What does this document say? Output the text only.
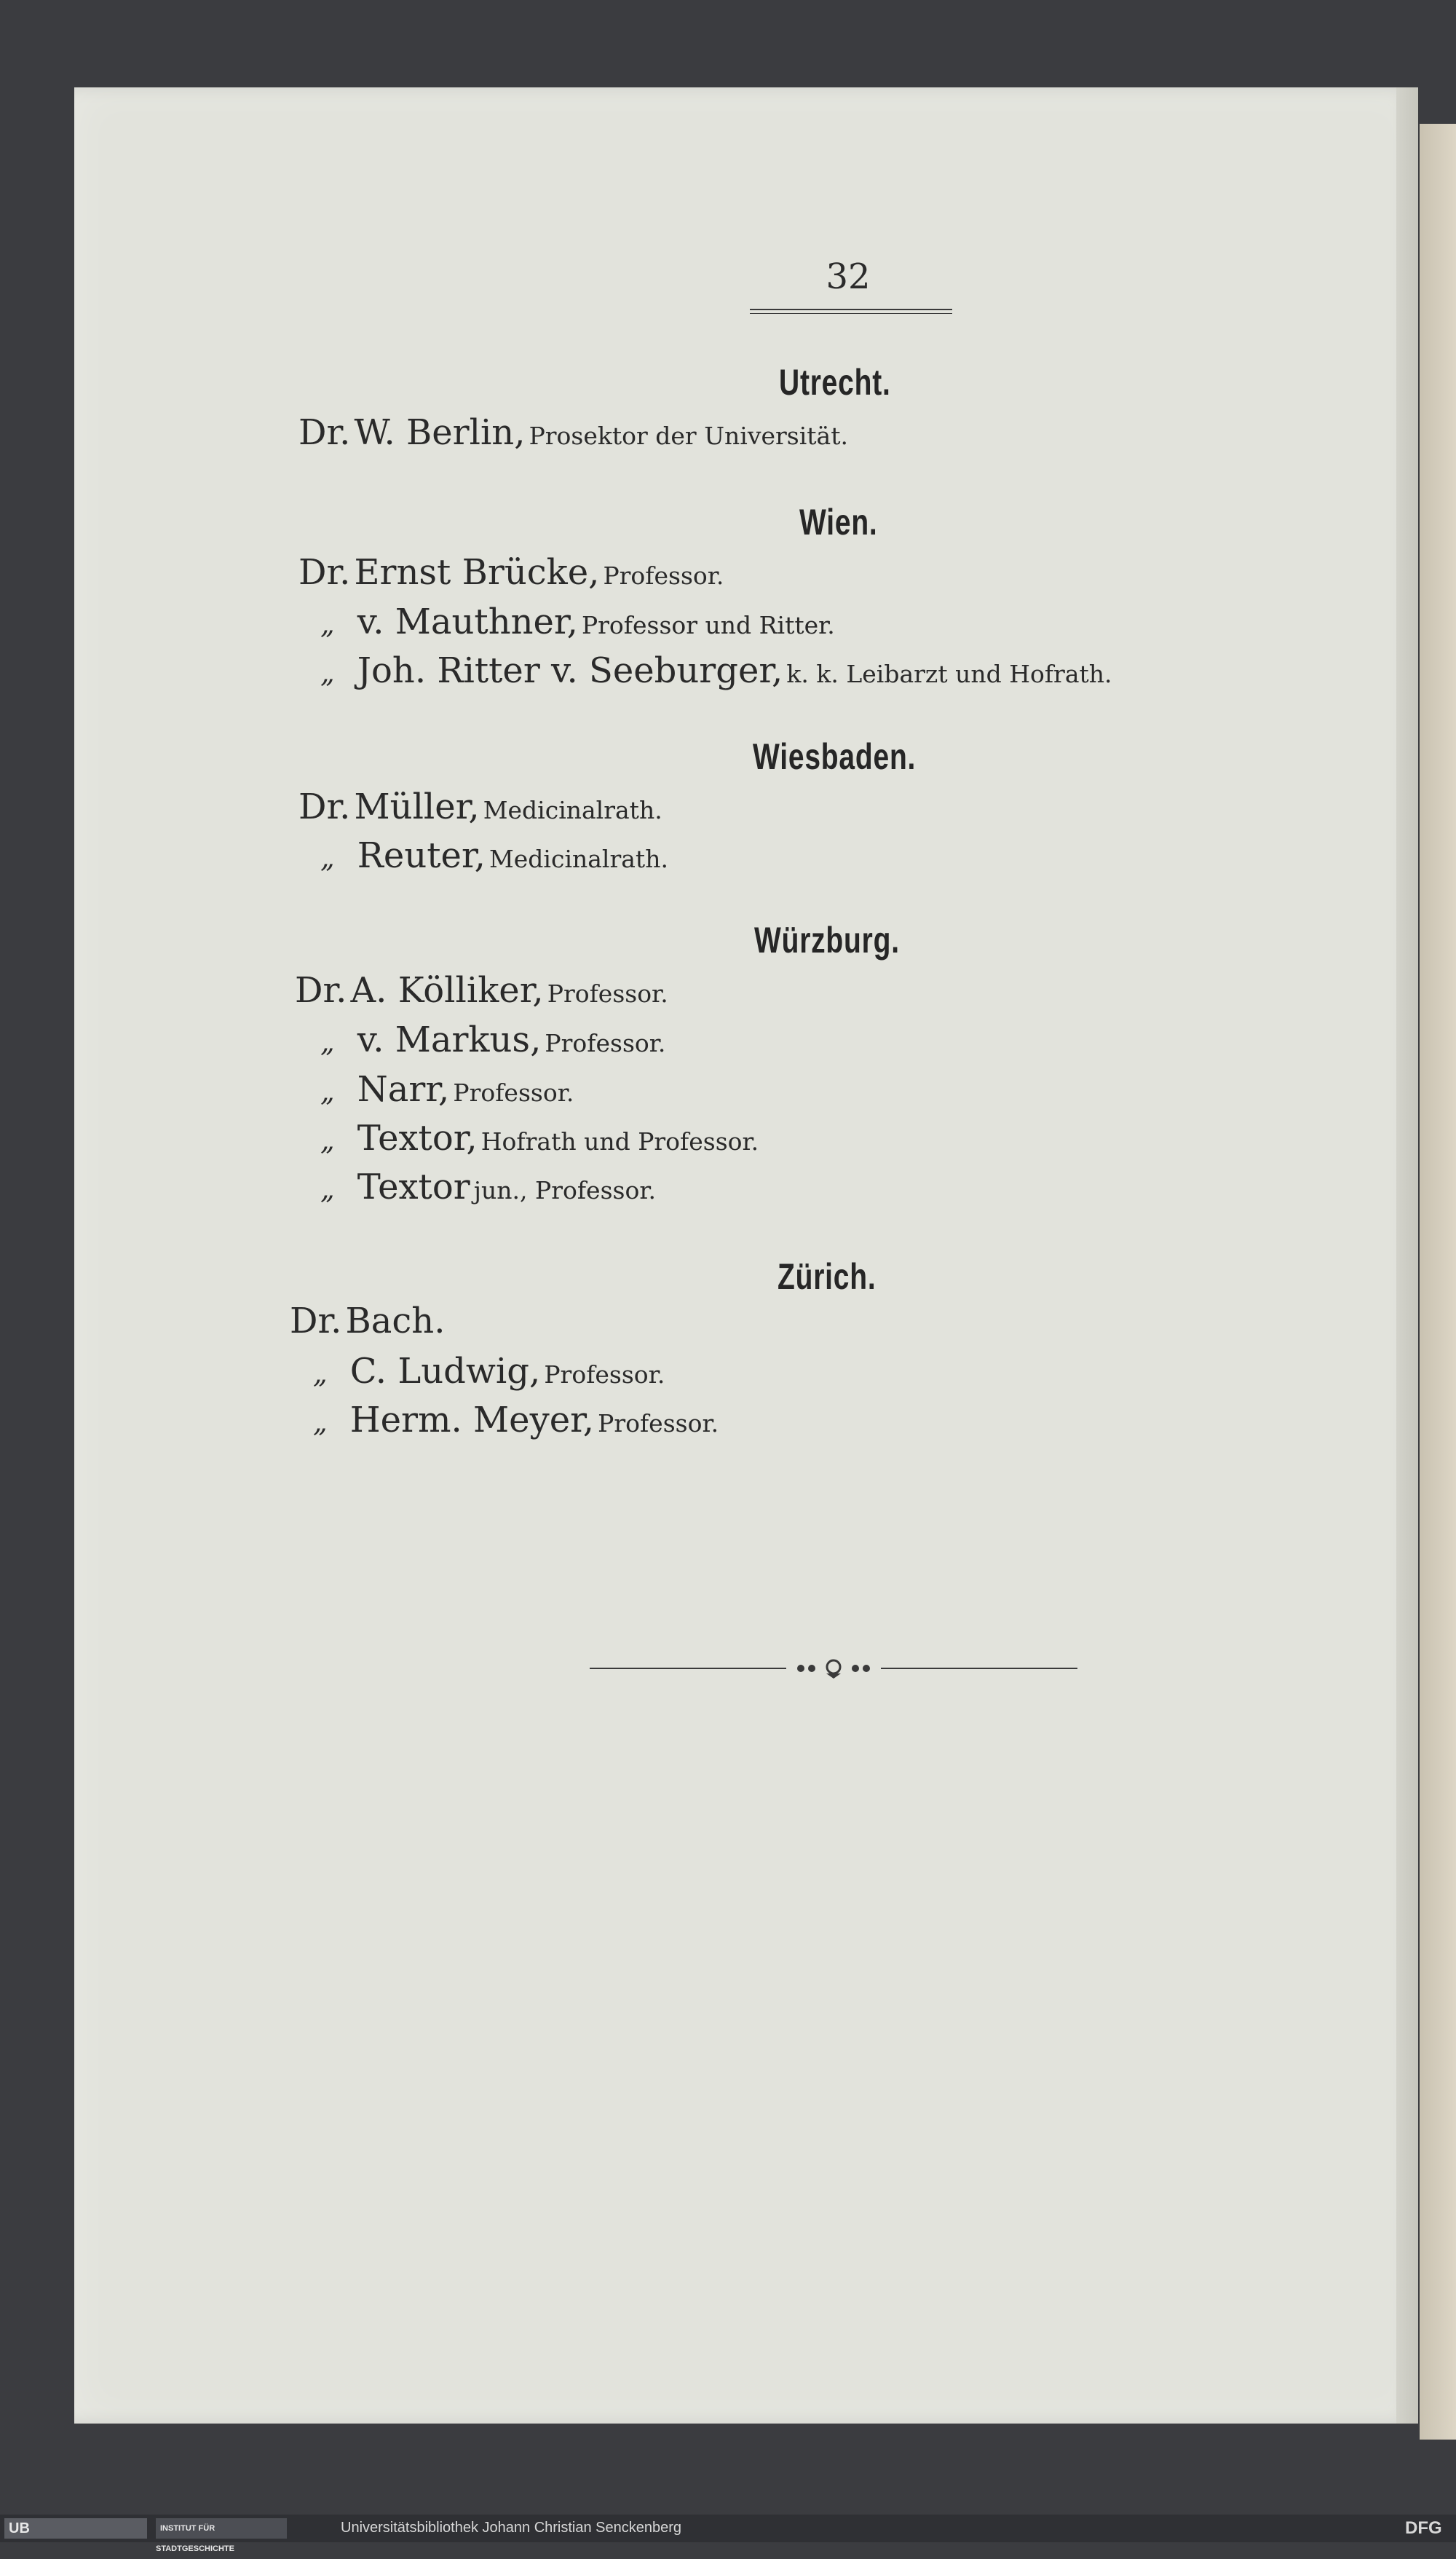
32
Utrecht.
Dr. W. Berlin, Prosektor der Universität.
Wien.
Dr. Ernst Brücke, Professor.
„ v. Mauthner, Professor und Ritter.
„ Joh. Ritter v. Seeburger, k. k. Leibarzt und Hofrath.
Wiesbaden.
Dr. Müller, Medicinalrath.
„ Reuter, Medicinalrath.
Würzburg.
Dr. A. Kölliker, Professor.
„ v. Markus, Professor.
„ Narr, Professor.
„ Textor, Hofrath und Professor.
„ Textor jun., Professor.
Zürich.
Dr. Bach.
„ C. Ludwig, Professor.
„ Herm. Meyer, Professor.
UB	INSTITUT FÜR STADTGESCHICHTE
Universitätsbibliothek Johann Christian Senckenberg	DFG
